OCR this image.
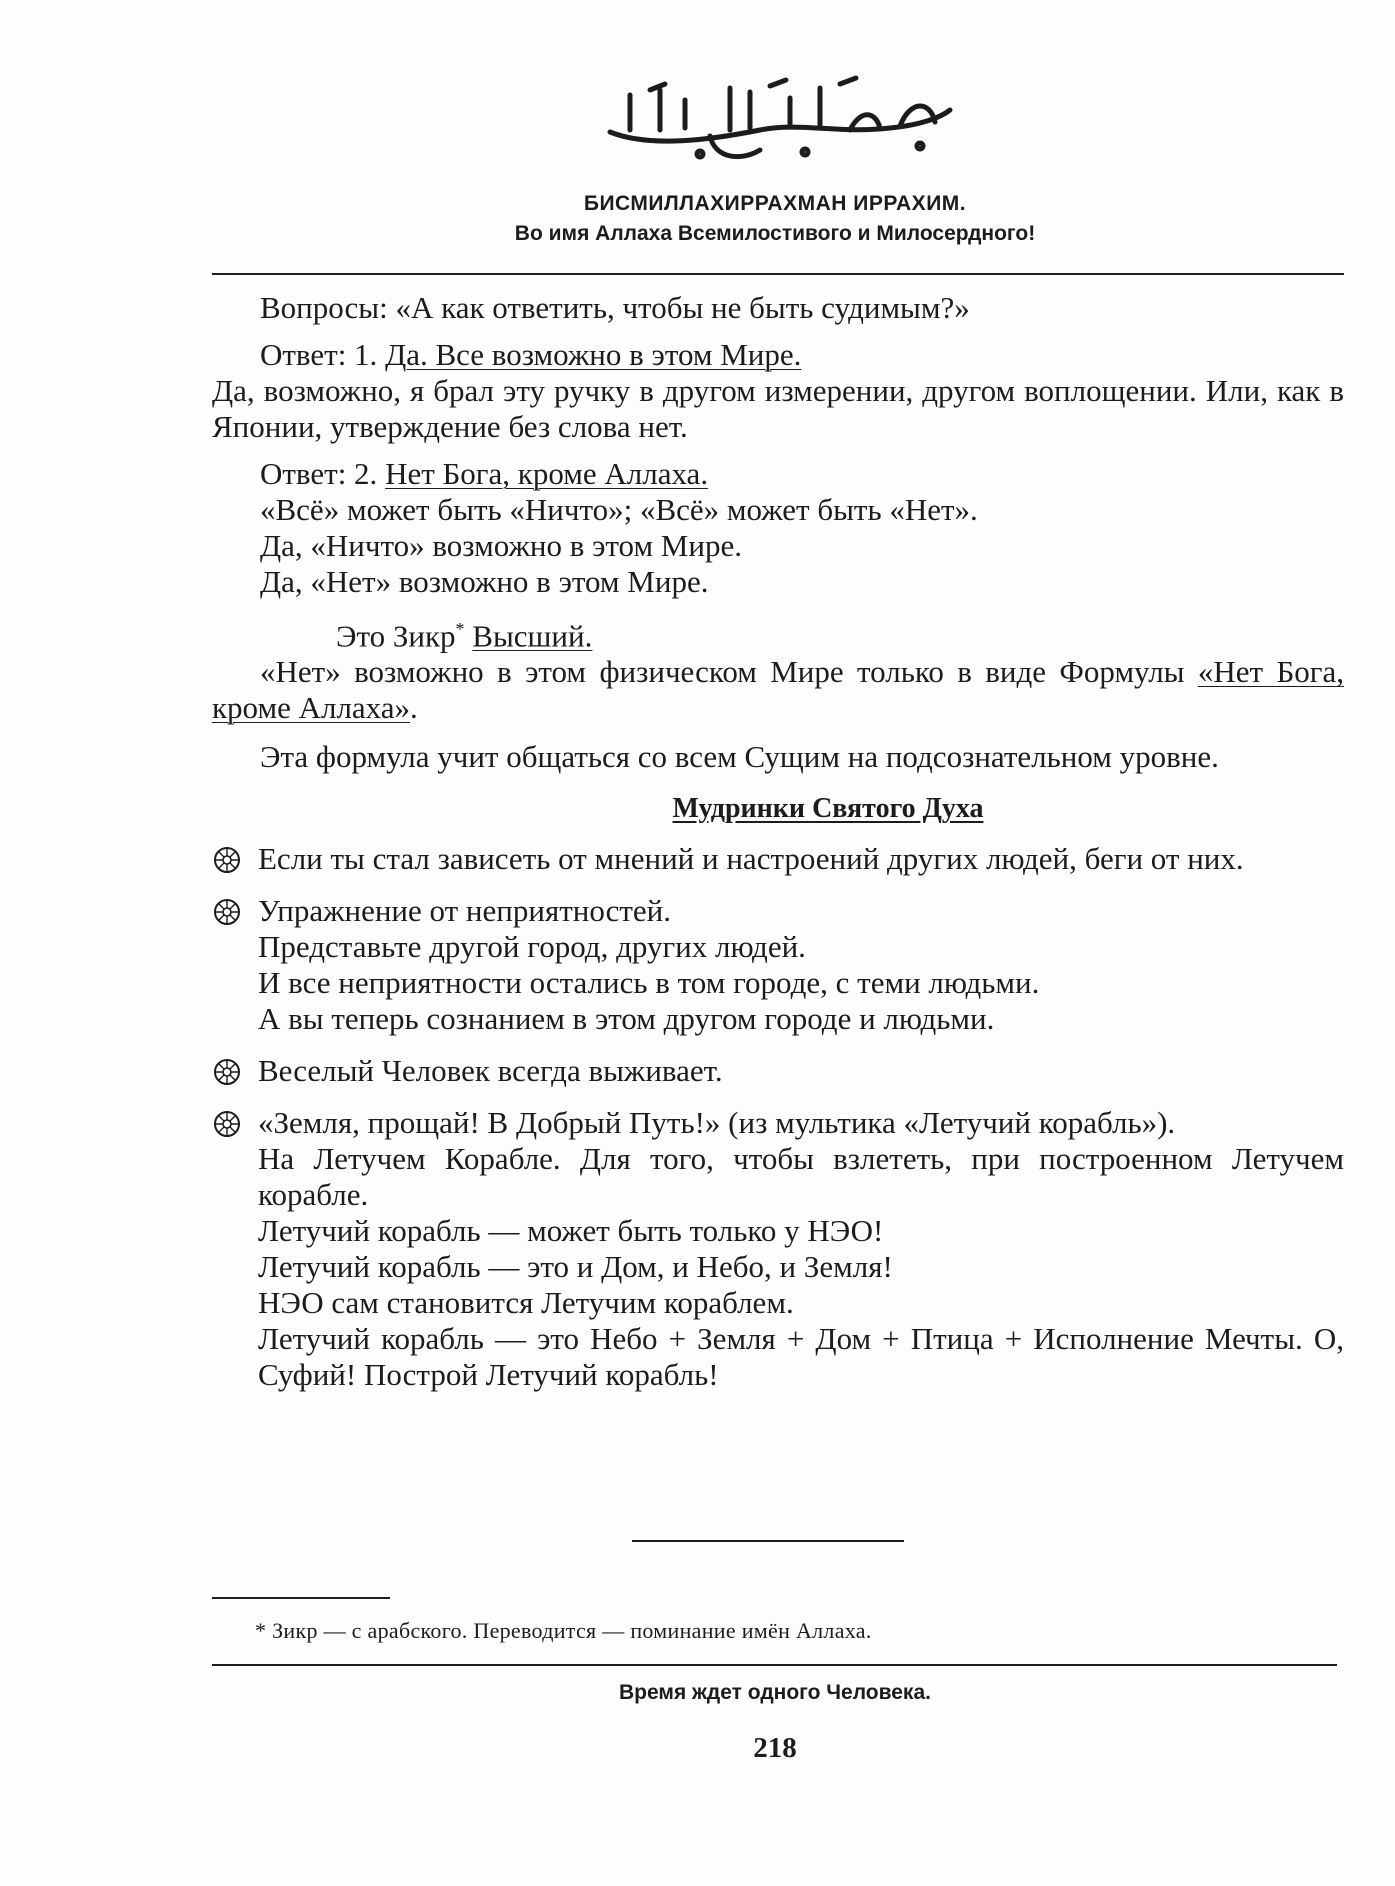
БИСМИЛЛАХИРРАХМАН ИРРАХИМ.
Во имя Аллаха Всемилостивого и Милосердного!

Вопросы: «А как ответить, чтобы не быть судимым?»

Ответ: 1. Да. Все возможно в этом Мире.

Да, возможно, я брал эту ручку в другом измерении, другом воплощении. Или, как в Японии, утверждение без слова нет.

Ответ: 2. Нет Бога, кроме Аллаха.

«Всё» может быть «Ничто»; «Всё» может быть «Нет».

Да, «Ничто» возможно в этом Мире.

Да, «Нет» возможно в этом Мире.

Это Зикр* Высший.

«Нет» возможно в этом физическом Мире только в виде Формулы «Нет Бога, кроме Аллаха».

Эта формула учит общаться со всем Сущим на подсознательном уровне.

Мудринки Святого Духа

Если ты стал зависеть от мнений и настроений других людей, беги от них.

Упражнение от неприятностей.

Представьте другой город, других людей.

И все неприятности остались в том городе, с теми людьми.

А вы теперь сознанием в этом другом городе и людьми.

Веселый Человек всегда выживает.

«Земля, прощай! В Добрый Путь!» (из мультика «Летучий корабль»).

На Летучем Корабле. Для того, чтобы взлететь, при построенном Летучем корабле.

Летучий корабль — может быть только у НЭО!

Летучий корабль — это и Дом, и Небо, и Земля!

НЭО сам становится Летучим кораблем.

Летучий корабль — это Небо + Земля + Дом + Птица + Исполнение Мечты. О, Суфий! Построй Летучий корабль!

* Зикр — с арабского. Переводится — поминание имён Аллаха.
Время ждет одного Человека.
218
